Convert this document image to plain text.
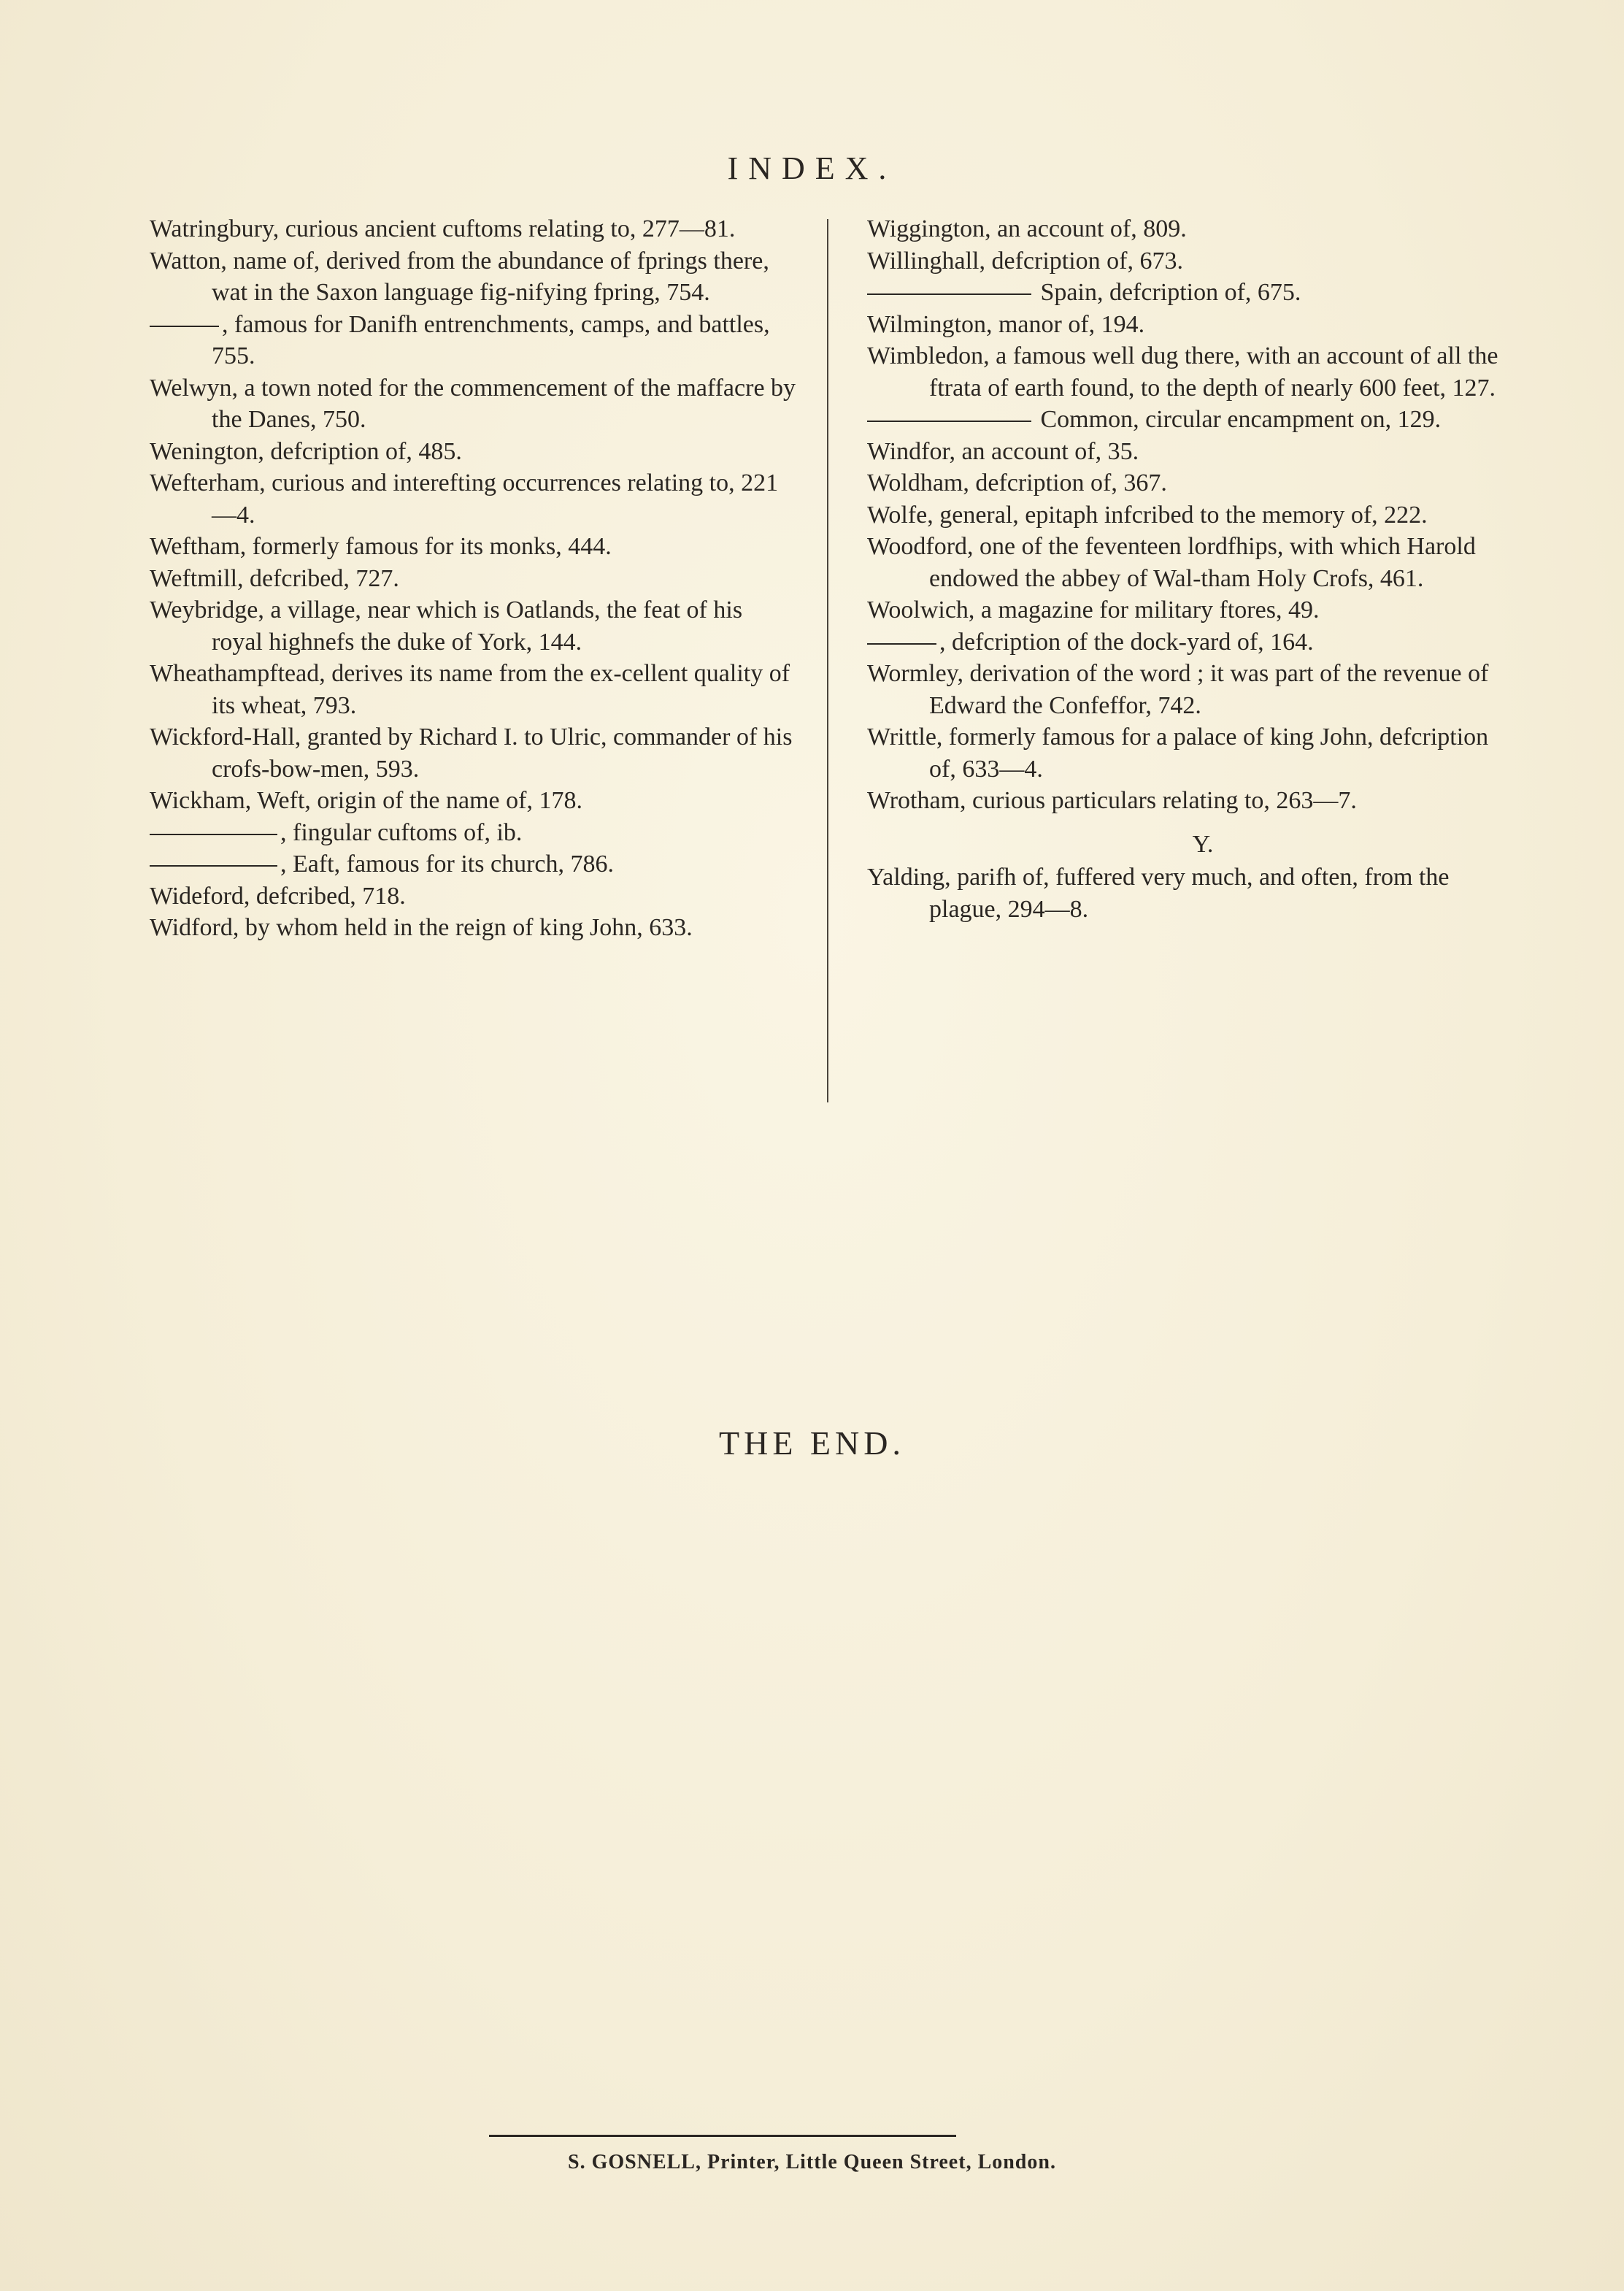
INDEX.
Watringbury, curious ancient cuftoms relating to, 277—81.
Watton, name of, derived from the abundance of fprings there, wat in the Saxon language fig-nifying fpring, 754.
, famous for Danifh entrenchments, camps, and battles, 755.
Welwyn, a town noted for the commencement of the maffacre by the Danes, 750.
Wenington, defcription of, 485.
Wefterham, curious and interefting occurrences relating to, 221—4.
Weftham, formerly famous for its monks, 444.
Weftmill, defcribed, 727.
Weybridge, a village, near which is Oatlands, the feat of his royal highnefs the duke of York, 144.
Wheathampftead, derives its name from the ex-cellent quality of its wheat, 793.
Wickford-Hall, granted by Richard I. to Ulric, commander of his crofs-bow-men, 593.
Wickham, Weft, origin of the name of, 178.
, fingular cuftoms of, ib.
, Eaft, famous for its church, 786.
Wideford, defcribed, 718.
Widford, by whom held in the reign of king John, 633.
Wiggington, an account of, 809.
Willinghall, defcription of, 673.
Spain, defcription of, 675.
Wilmington, manor of, 194.
Wimbledon, a famous well dug there, with an account of all the ftrata of earth found, to the depth of nearly 600 feet, 127.
Common, circular encampment on, 129.
Windfor, an account of, 35.
Woldham, defcription of, 367.
Wolfe, general, epitaph infcribed to the memory of, 222.
Woodford, one of the feventeen lordfhips, with which Harold endowed the abbey of Wal-tham Holy Crofs, 461.
Woolwich, a magazine for military ftores, 49.
, defcription of the dock-yard of, 164.
Wormley, derivation of the word ; it was part of the revenue of Edward the Confeffor, 742.
Writtle, formerly famous for a palace of king John, defcription of, 633—4.
Wrotham, curious particulars relating to, 263—7.
Y.
Yalding, parifh of, fuffered very much, and often, from the plague, 294—8.
THE END.
S. GOSNELL, Printer, Little Queen Street, London.
